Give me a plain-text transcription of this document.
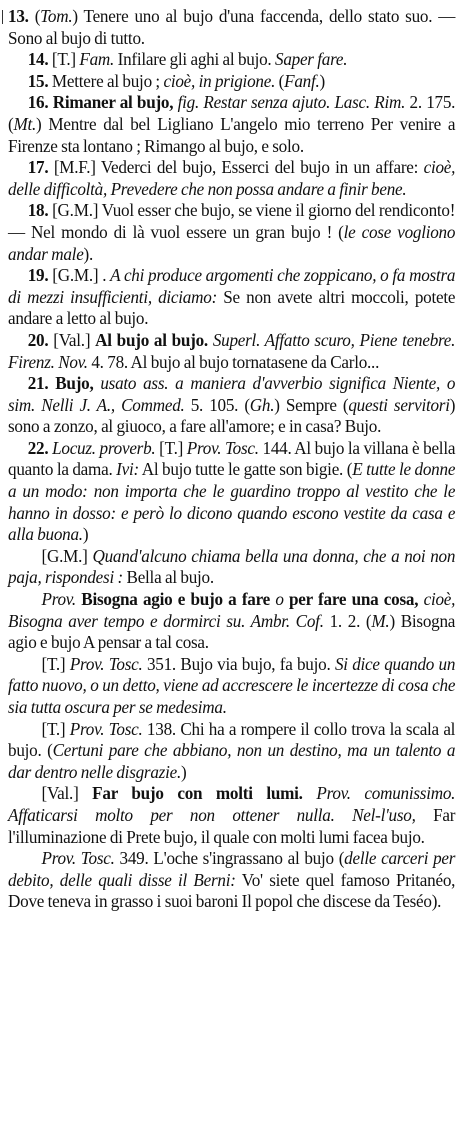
13. (Tom.) Tenere uno al bujo d'una faccenda, dello stato suo. — Sono al bujo di tutto.

14. [T.] Fam. Infilare gli aghi al bujo. Saper fare.

15. Mettere al bujo ; cioè, in prigione. (Fanf.)

16. Rimaner al bujo, fig. Restar senza ajuto. Lasc. Rim. 2. 175. (Mt.) Mentre dal bel Ligliano L'angelo mio terreno Per venire a Firenze sta lontano ; Rimango al bujo, e solo.

17. [M.F.] Vederci del bujo, Esserci del bujo in un affare: cioè, delle difficoltà, Prevedere che non possa andare a finir bene.

18. [G.M.] Vuol esser che bujo, se viene il giorno del rendiconto! — Nel mondo di là vuol essere un gran bujo ! (le cose vogliono andar male).

19. [G.M.] . A chi produce argomenti che zoppicano, o fa mostra di mezzi insufficienti, diciamo: Se non avete altri moccoli, potete andare a letto al bujo.

20. [Val.] Al bujo al bujo. Superl. Affatto scuro, Piene tenebre. Firenz. Nov. 4. 78. Al bujo al bujo tornatasene da Carlo...

21. Bujo, usato ass. a maniera d'avverbio significa Niente, o sim. Nelli J. A., Commed. 5. 105. (Gh.) Sempre (questi servitori) sono a zonzo, al giuoco, a fare all'amore; e in casa? Bujo.

22. Locuz. proverb. [T.] Prov. Tosc. 144. Al bujo la villana è bella quanto la dama. Ivi: Al bujo tutte le gatte son bigie. (E tutte le donne a un modo: non importa che le guardino troppo al vestito che le hanno in dosso: e però lo dicono quando escono vestite da casa e alla buona.)

[G.M.] Quand'alcuno chiama bella una donna, che a noi non paja, rispondesi : Bella al bujo.

Prov. Bisogna agio e bujo a fare o per fare una cosa, cioè, Bisogna aver tempo e dormirci su. Ambr. Cof. 1. 2. (M.) Bisogna agio e bujo A pensar a tal cosa.

[T.] Prov. Tosc. 351. Bujo via bujo, fa bujo. Si dice quando un fatto nuovo, o un detto, viene ad accrescere le incertezze di cosa che sia tutta oscura per se medesima.

[T.] Prov. Tosc. 138. Chi ha a rompere il collo trova la scala al bujo. (Certuni pare che abbiano, non un destino, ma un talento a dar dentro nelle disgrazie.)

[Val.] Far bujo con molti lumi. Prov. comunissimo. Affaticarsi molto per non ottener nulla. Nel-l'uso, Far l'illuminazione di Prete bujo, il quale con molti lumi facea bujo.

Prov. Tosc. 349. L'oche s'ingrassano al bujo (delle carceri per debito, delle quali disse il Berni: Vo' siete quel famoso Pritanéo, Dove teneva in grasso i suoi baroni Il popol che discese da Teséo).
